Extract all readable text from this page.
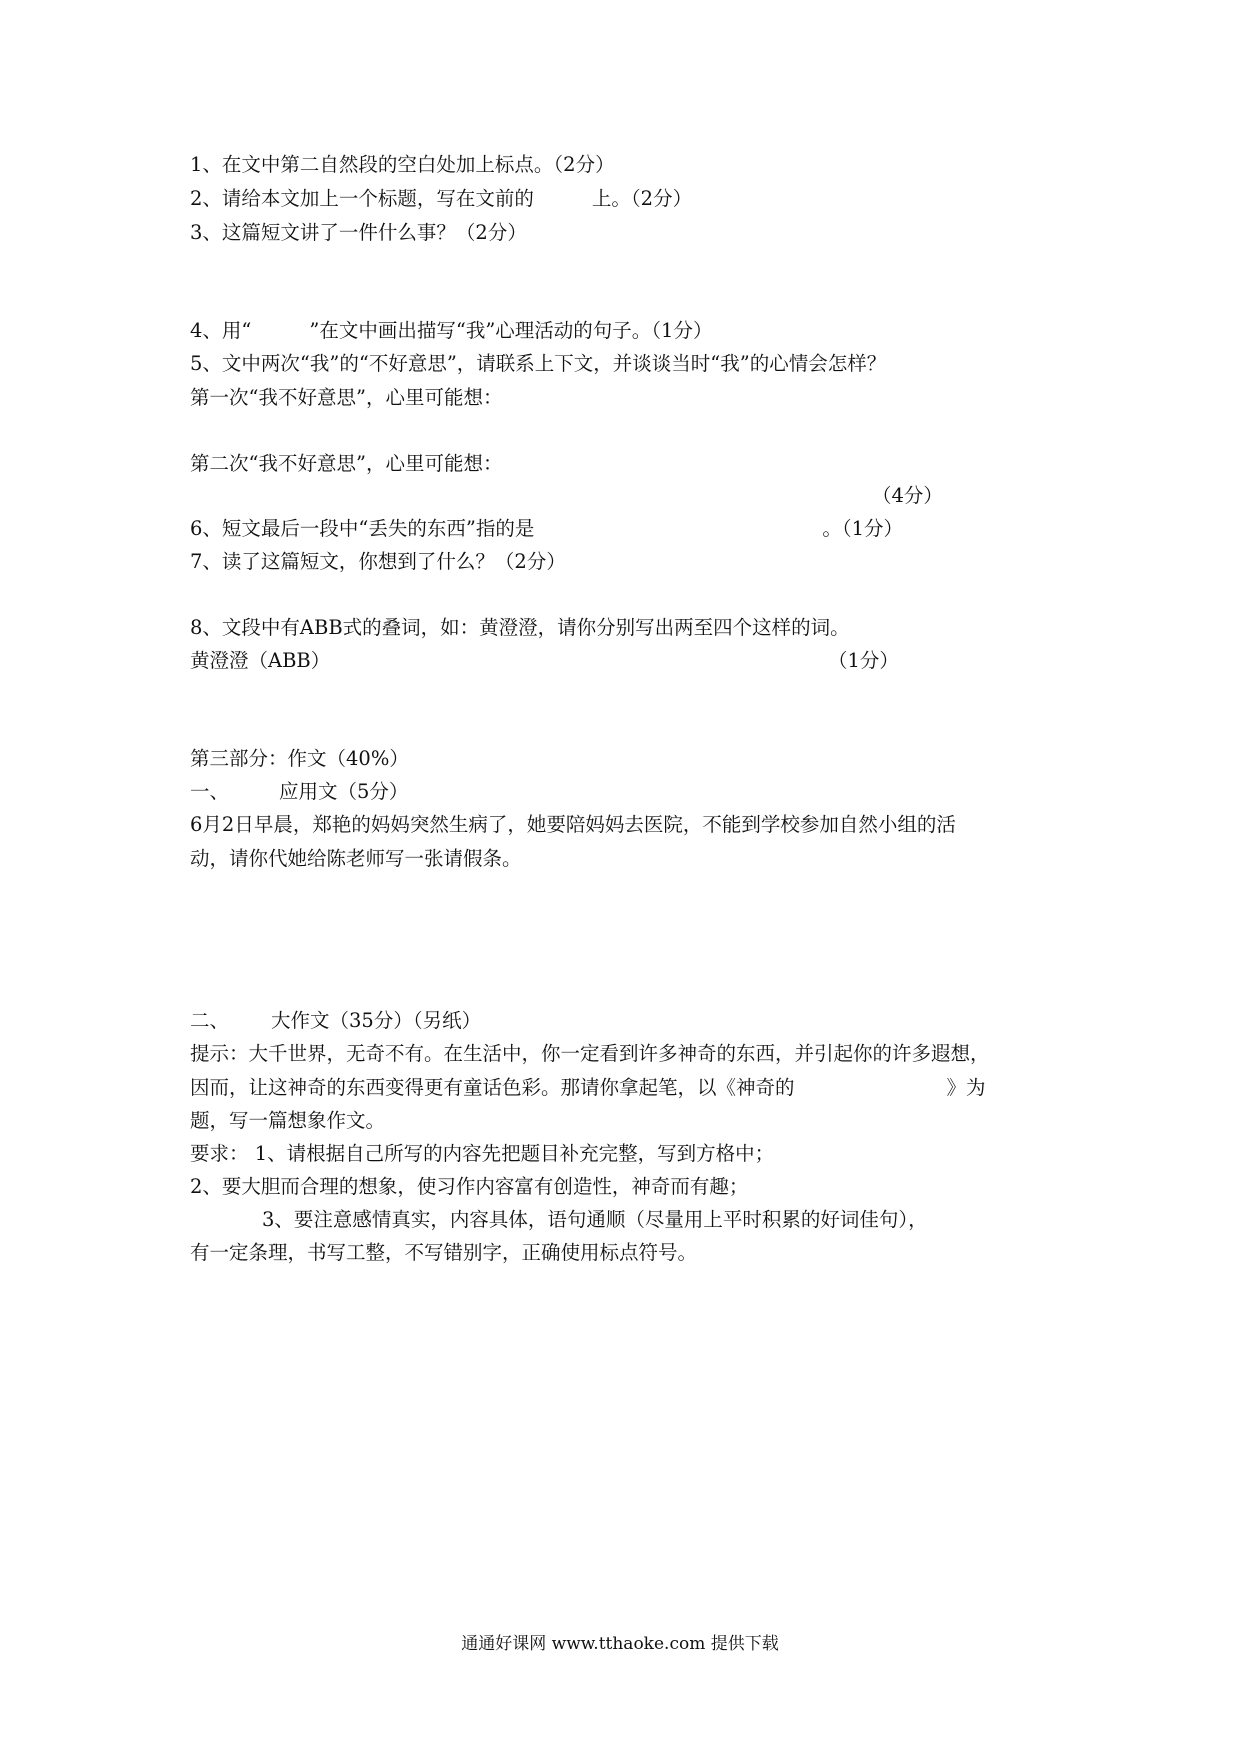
1、在文中第二自然段的空白处加上标点。（2分）
2、请给本文加上一个标题，写在文前的	上。（2分）
3、这篇短文讲了一件什么事？（2分）
4、用“	”在文中画出描写“我”心理活动的句子。（1分）
5、文中两次“我”的“不好意思”，请联系上下文，并谈谈当时“我”的心情会怎样？
第一次“我不好意思”，心里可能想：
第二次“我不好意思”，心里可能想：
（4分）
6、短文最后一段中“丢失的东西”指的是	。（1分）
7、读了这篇短文，你想到了什么？（2分）
8、文段中有ABB式的叠词，如：黄澄澄，请你分别写出两至四个这样的词。
黄澄澄（ABB）	（1分）
第三部分：作文（40%）
一、	应用文（5分）
6月2日早晨，郑艳的妈妈突然生病了，她要陪妈妈去医院，不能到学校参加自然小组的活
动，请你代她给陈老师写一张请假条。
二、 大作文（35分）（另纸）
提示：大千世界，无奇不有。在生活中，你一定看到许多神奇的东西，并引起你的许多遐想，
因而，让这神奇的东西变得更有童话色彩。那请你拿起笔，以《神奇的	》为
题，写一篇想象作文。
要求： 1、请根据自己所写的内容先把题目补充完整，写到方格中；
2、要大胆而合理的想象，使习作内容富有创造性，神奇而有趣；
3、要注意感情真实，内容具体，语句通顺（尽量用上平时积累的好词佳句），
有一定条理，书写工整，不写错别字，正确使用标点符号。
通通好课网 www.tthaoke.com 提供下载
